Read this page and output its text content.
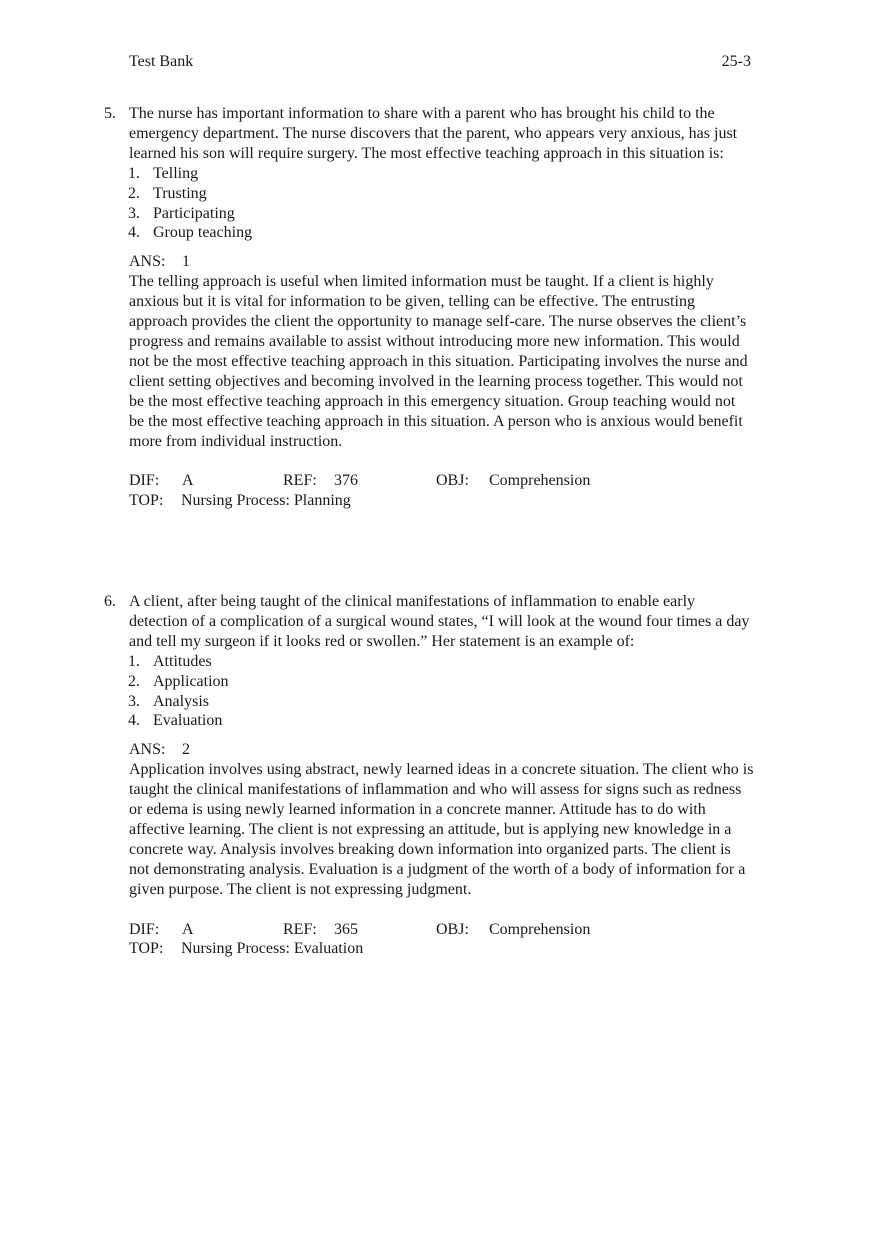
Test Bank	25-3
5. The nurse has important information to share with a parent who has brought his child to the emergency department. The nurse discovers that the parent, who appears very anxious, has just learned his son will require surgery. The most effective teaching approach in this situation is:

1. Telling
2. Trusting
3. Participating
4. Group teaching
ANS: 1

The telling approach is useful when limited information must be taught. If a client is highly anxious but it is vital for information to be given, telling can be effective. The entrusting approach provides the client the opportunity to manage self-care. The nurse observes the client’s progress and remains available to assist without introducing more new information. This would not be the most effective teaching approach in this situation. Participating involves the nurse and client setting objectives and becoming involved in the learning process together. This would not be the most effective teaching approach in this emergency situation. Group teaching would not be the most effective teaching approach in this situation. A person who is anxious would benefit more from individual instruction.

DIF: A	REF: 376	OBJ: Comprehension
TOP: Nursing Process: Planning
6. A client, after being taught of the clinical manifestations of inflammation to enable early detection of a complication of a surgical wound states, “I will look at the wound four times a day and tell my surgeon if it looks red or swollen.” Her statement is an example of:

1. Attitudes
2. Application
3. Analysis
4. Evaluation
ANS: 2

Application involves using abstract, newly learned ideas in a concrete situation. The client who is taught the clinical manifestations of inflammation and who will assess for signs such as redness or edema is using newly learned information in a concrete manner. Attitude has to do with affective learning. The client is not expressing an attitude, but is applying new knowledge in a concrete way. Analysis involves breaking down information into organized parts. The client is not demonstrating analysis. Evaluation is a judgment of the worth of a body of information for a given purpose. The client is not expressing judgment.

DIF: A	REF: 365	OBJ: Comprehension
TOP: Nursing Process: Evaluation
